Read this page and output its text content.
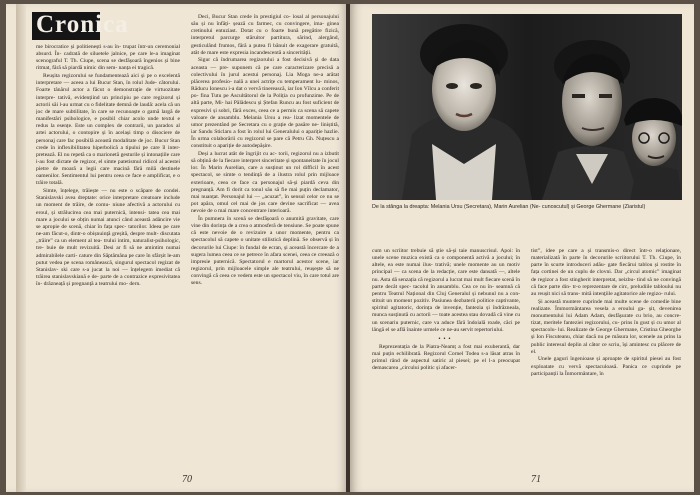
Cronica

me birocratice și politienești s-au în- trupat într-un ceremonial absurd. În- cadrată de siluetele jalnice, pe care le-a imaginat scenograful T. Th. Ciupe, scena se desfășoară îngenios și bine ritmat, fără să piardă nimic din sem- nanța ei tragică.

Reușita regizorului se fundamentează aici și pe o excelentă interpretare — aceea a lui Bucur Stan, în rolul Jude- cătorului. Foarte tânărul actor a făcut o demonstrație de virtuozitate interpre- tativă, evidențiind un principiu pe care regizorul și actorii săi l-au urmat cu o fidelitate demnă de laudă: acela că un joc de mare subtilitate, în care se recunoaște o gamă largă de manifestări psihologice, e posibil chiar acolo unde textul e redus la esențe. Este un complex de contrarii, un paradox al artei actorului, o contopire și în același timp o disociere de personaj care fac posibilă această modalitate de joc. Bucur Stan crede în inflexibilitatea hiperbolică a tipului pe care îl inter- pretează. El nu repetă ca o marionetă gesturile și intonațiile care i-au fost dictate de regizor, el simte patetismul ridicol al acestei pietre de moară a legii care macină fără milă destinele oamenilor. Sentimentul lui pentru ceea ce face e amplificat, e o trăire totală.

Simte, înțelege, trăiește — nu este o scăpare de condei. Stanislavski avea dreptate: orice interpretare creatoare include un moment de trăire, de comu- niune afectivă a actorului cu eroul, și strălucirea cea mai puternică, intensi- tatea cea mai mare a jocului se obțin numai atunci când această adâncire vie se apropie de scenă, chiar în fața spec- tatorilor. Ideea pe care ne-am făcut-o, dintr-o obișnuință greșită, despre mult- discutata „trăire” ca un element al tea- trului intim, naturalist-psihologic, tre- buie de mult revizuită. Desi ar fi să ne amintim numai admirabilele carti- cature din Săptămâna pe care în sfârșit le-am putut vedea pe scena românească, singurul spectacol regizat de Stanislav- ski care s-a jucat la noi — înțelegem imediat că trăirea stanislavskiană e de- parte de a contrazice expresivitatea în- drăzneață și pregnanță a teatrului mo- dern.

Deci, Bucur Stan crede în prestigiul co- losal al personajului său și nu înfăți- șează cu farmec, cu convingere, ima- ginea cretinului entuziast. Dotat cu o foarte bună pregătire fizică, interpretul parcurge stăruitor partitura, sărind, alergând, gesticulând frumos, fără a putea fi bănuit de exagerare gratuită, atât de mare este expresia incandescentă a sincerității.

Sigur că îndrumarea regizorului a fost decisivă și de data aceasta — pre- supunem că pe care caracterizare precisă a colectivului în jurul acestui personaj. Lia Moga ne-a arătat plăcerea profesio- nală a unei actrițe cu temperament lu- minos, Răducu Ionescu i-a dat o vervă tinerească, iar Ion Vîlcu a conferit po- fina Tutu pe Ascultătorul de la Poliția cu profunzime. Pe de altă parte, Mi- hai Pălădescu și Ștefan Runcu au fost suficient de expresivi și sobri, fără exces, ceea ce a permis ca scena să capete valoare de ansamblu. Melania Ursu a rea- lizat momentele de umor prezentând pe Secretara cu o grație de pasăre ne- liniștită, iar Sandu Sticlaru a fost în rolul lui Generalului o apariție hazlie. În urma colaborării cu regizorul se pare că Petru Gh. Nuțescu a constituit o apariție de autodepășire.

Deși a lucrat atât de îngrijit cu ac- torii, regizorul nu a izbutit să obțină de la fiecare interpret sinceritate și spontaneitate în jocul lor. În Marin Aurelian, care a susținut un rol difficil în acest spectacol, se simte o tendință de a ilustra rolul prin mijloace exterioare, ceea ce face ca personajul să-și piardă ceva din pregnanță. Am fi dorit ca tonul său să fie mai puțin declamator, mai nuanțat. Personajul lui — „acuzat”, în sensul celor ce nu se pot apăra, omul cel mai de jos care devine sacrificat — avea nevoie de o mai mare concentrare interioară.

În pumnera în scenă se desfășoară o anumită gravitate, care vine din dorința de a crea o atmosferă de tensiune. Se poate spune că este nevoie de o revizuire a unor momente, pentru ca spectacolul să capete o unitate stilistică deplină. Se observă și în decorurile lui Ciupe: în fundal de ecran, și această încercare de a sugera lumea ceea ce se petrece în afara scenei, ceea ce creează o impresie puternică. Spectatorul e martorul acestor scene, iar regizorul, prin mijloacele simple ale teatrului, reușește să ne convingă că ceea ce vedem este un spectacol viu, în care totul are sens.

70
De la stânga la dreapta: Melania Ursu (Secretara), Marin Aurelian (Ne- cunoscutul) și George Ghermane (Ziaristul)

cum un scriitor trebuie să știe să-și taie manuscrisul. Apoi: în unele scene muzica există ca o componentă activă a jocului; în altele, ea este numai ilus- trativă; unele momente au un motiv principal — ca scena de la redacție, care este dansată —, altele nu. Asta dă senzația că regizorul a lucrat mai mult fiecare scenă în parte decât spec- tacolul în ansamblu. Cea ce nu în- seamnă că pentru Teatrul Național din Cluj Generalul și nebunul nu a con- stituit un moment pozitiv. Pasiunea dezbaterii politice captivante, spiritul agitatoric, dorința de invenție, fantezia și îndrăzneala, munca susținută cu actorii — toate acestea stau dovadă că vine cu un scenariu puternic, care va aduce fără îndoială roade, căci pe lângă el se află înainte urmele ce ne-au servit repertoriului.

•••

Reprezentația de la Piatra-Neamț a fost mai exuberantă, dar mai puțin echilibrată. Regizorul Cornel Todea s-a lăsat atras în primul rând de aspectul satiric al piesei; pe el l-a preocupat demascarea „circului politic și afacer-

tist”, idee pe care a și transmis-o direct într-o relaționare, materializată în parte în decorurile scriitorului T. Th. Ciupe, în parte în scurte introduceri adău- gate fiecărui tablou și rostite în fața cortinei de un cuplu de clovni. Dar „circul atomic” imaginat de regizor a fost stingherit interpretat, neizbu- tind să ne convingă că face parte din- tr-o reprezentare de circ, preludiile tabloului nu au reușit nici să trans- mită intenţiile agitatorice ale regizo- rului.

Și această muntere cuprinde mai multe scene de comedie bine realizate. Îmmormântarea vesela a eroului ga- șit, devenirea monumentului lui Adam Adam, desfășurate cu brio, au concre- tizat, meritele fanteziei regizorului, cu- prins în gust și cu umor al spectacolu- lui. Realizate de George Ghermane, Cristina Gheorghe și Ion Fiscuteanu, chiar dacă nu pe măsura lor, scenele au prins la public interesul deplin al câtor ce scriu, își amintesc cu plăcere de el.

Unele gaguri îngenioase și aproapte de spiritul piesei au fost exploatate cu vervă spectaculoasă. Panica ce cuprinde pe participanții la Înmormântare, în

71
